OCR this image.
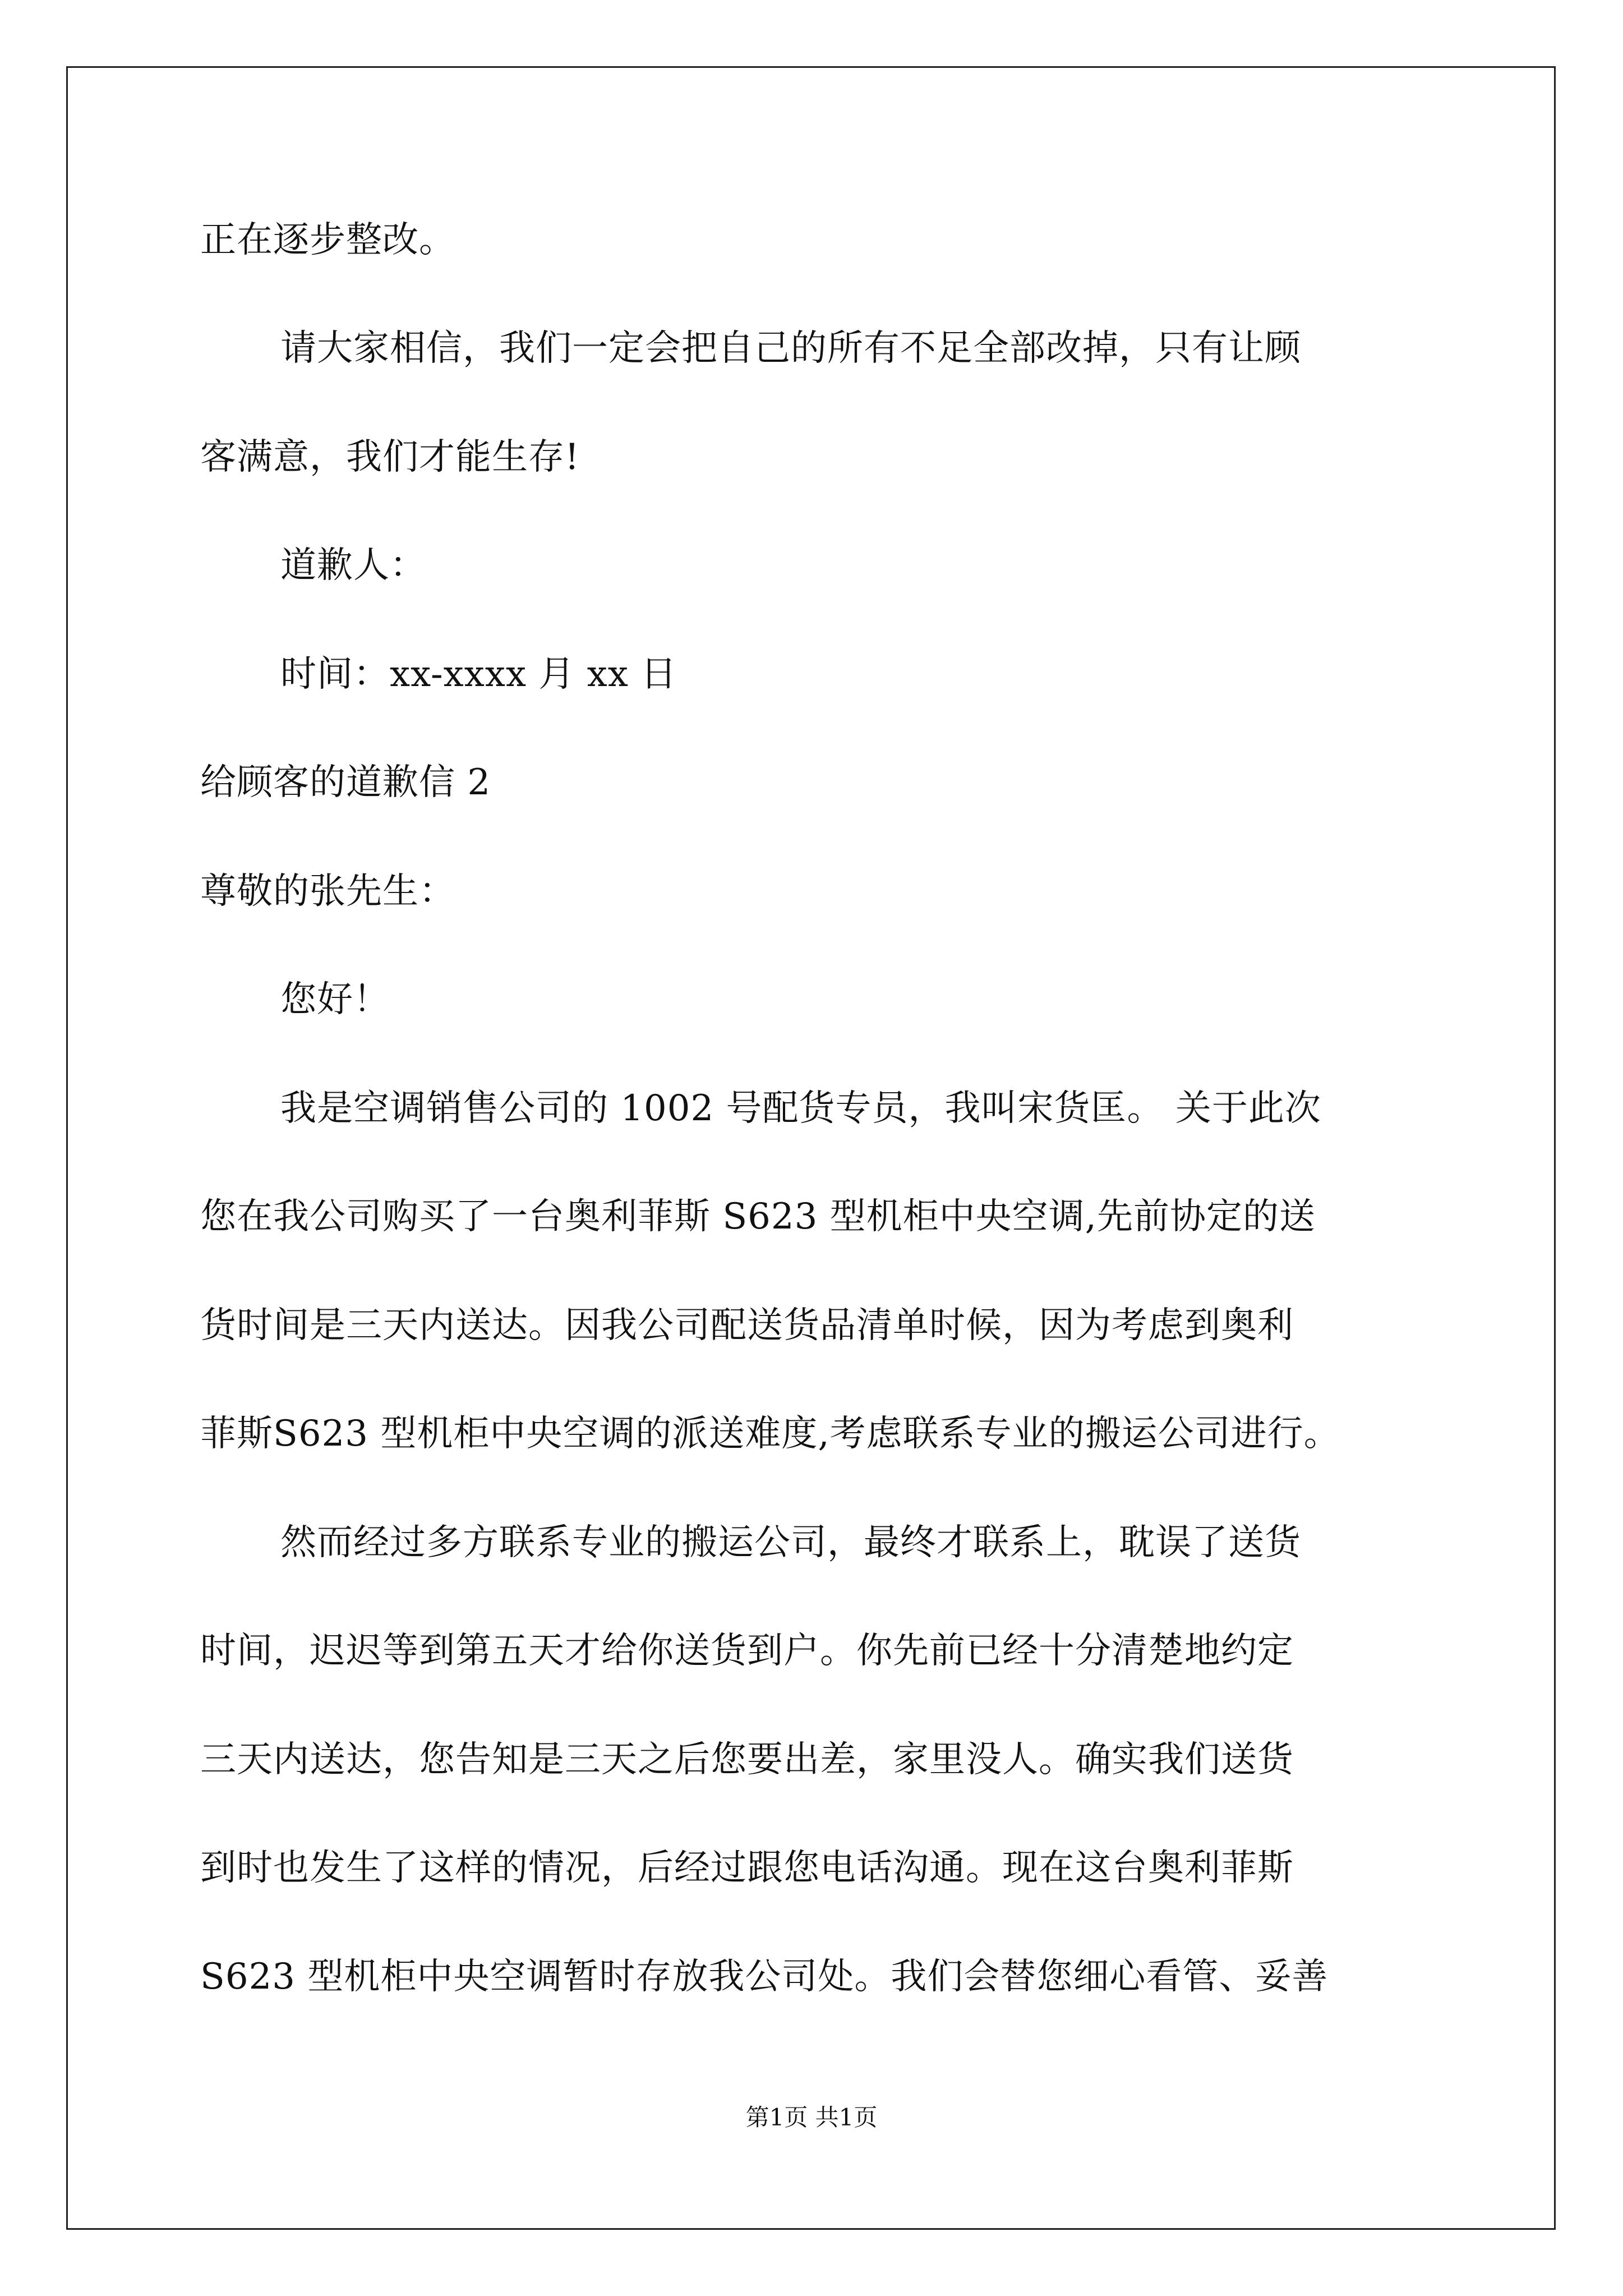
正在逐步整改。
请大家相信，我们一定会把自己的所有不足全部改掉，只有让顾
客满意，我们才能生存!
道歉人：
时间：xx-xxxx 月 xx 日
给顾客的道歉信 2
尊敬的张先生：
您好！
我是空调销售公司的 1002 号配货专员，我叫宋货匡。 关于此次
您在我公司购买了一台奥利菲斯 S623 型机柜中央空调,先前协定的送
货时间是三天内送达。因我公司配送货品清单时候，因为考虑到奥利
菲斯S623 型机柜中央空调的派送难度,考虑联系专业的搬运公司进行。
然而经过多方联系专业的搬运公司，最终才联系上，耽误了送货
时间，迟迟等到第五天才给你送货到户。你先前已经十分清楚地约定
三天内送达，您告知是三天之后您要出差，家里没人。确实我们送货
到时也发生了这样的情况，后经过跟您电话沟通。现在这台奥利菲斯
S623 型机柜中央空调暂时存放我公司处。我们会替您细心看管、妥善
第1页 共1页
